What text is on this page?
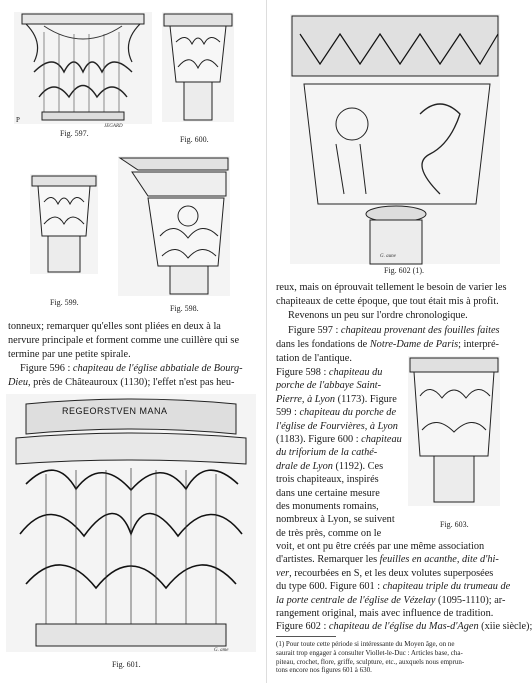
P
JEGARD
Fig. 597.
Fig. 600.
Fig. 599.
Fig. 598.
tonneux; remarquer qu'elles sont pliées en deux à la
nervure principale et forment comme une cuillère qui se
termine par une petite spirale.
Figure 596 : chapiteau de l'église abbatiale de Bourg-
Dieu, près de Châteauroux (1130); l'effet n'est pas heu-
REGEORSTVEN MANA
G. ame
Fig. 601.
G. aune
Fig. 602 (1).
reux, mais on éprouvait tellement le besoin de varier les
chapiteaux de cette époque, que tout était mis à profit.
Revenons un peu sur l'ordre chronologique.
Figure 597 : chapiteau provenant des fouilles faites
dans les fondations de Notre-Dame de Paris; interpré-
tation de l'antique.
Figure 598 : chapiteau du
porche de l'abbaye Saint-
Pierre, à Lyon (1173). Figure
599 : chapiteau du porche de
l'église de Fourvières, à Lyon
(1183). Figure 600 : chapiteau
du triforium de la cathé-
drale de Lyon (1192). Ces
trois chapiteaux, inspirés
dans une certaine mesure
des monuments romains,
nombreux à Lyon, se suivent
de très près, comme on le
Fig. 603.
voit, et ont pu être créés par une même association
d'artistes. Remarquer les feuilles en acanthe, dite d'hi-
ver, recourbées en S, et les deux volutes superposées
du type 600. Figure 601 : chapiteau triple du trumeau de
la porte centrale de l'église de Vézelay (1095-1110); ar-
rangement original, mais avec influence de tradition.
Figure 602 : chapiteau de l'église du Mas-d'Agen (xiie siècle);
(1) Pour toute cette période si intéressante du Moyen âge, on ne
saurait trop engager à consulter Viollet-le-Duc : Articles base, cha-
piteau, crochet, flore, griffe, sculpture, etc., auxquels nous emprun-
tons encore nos figures 601 à 630.
